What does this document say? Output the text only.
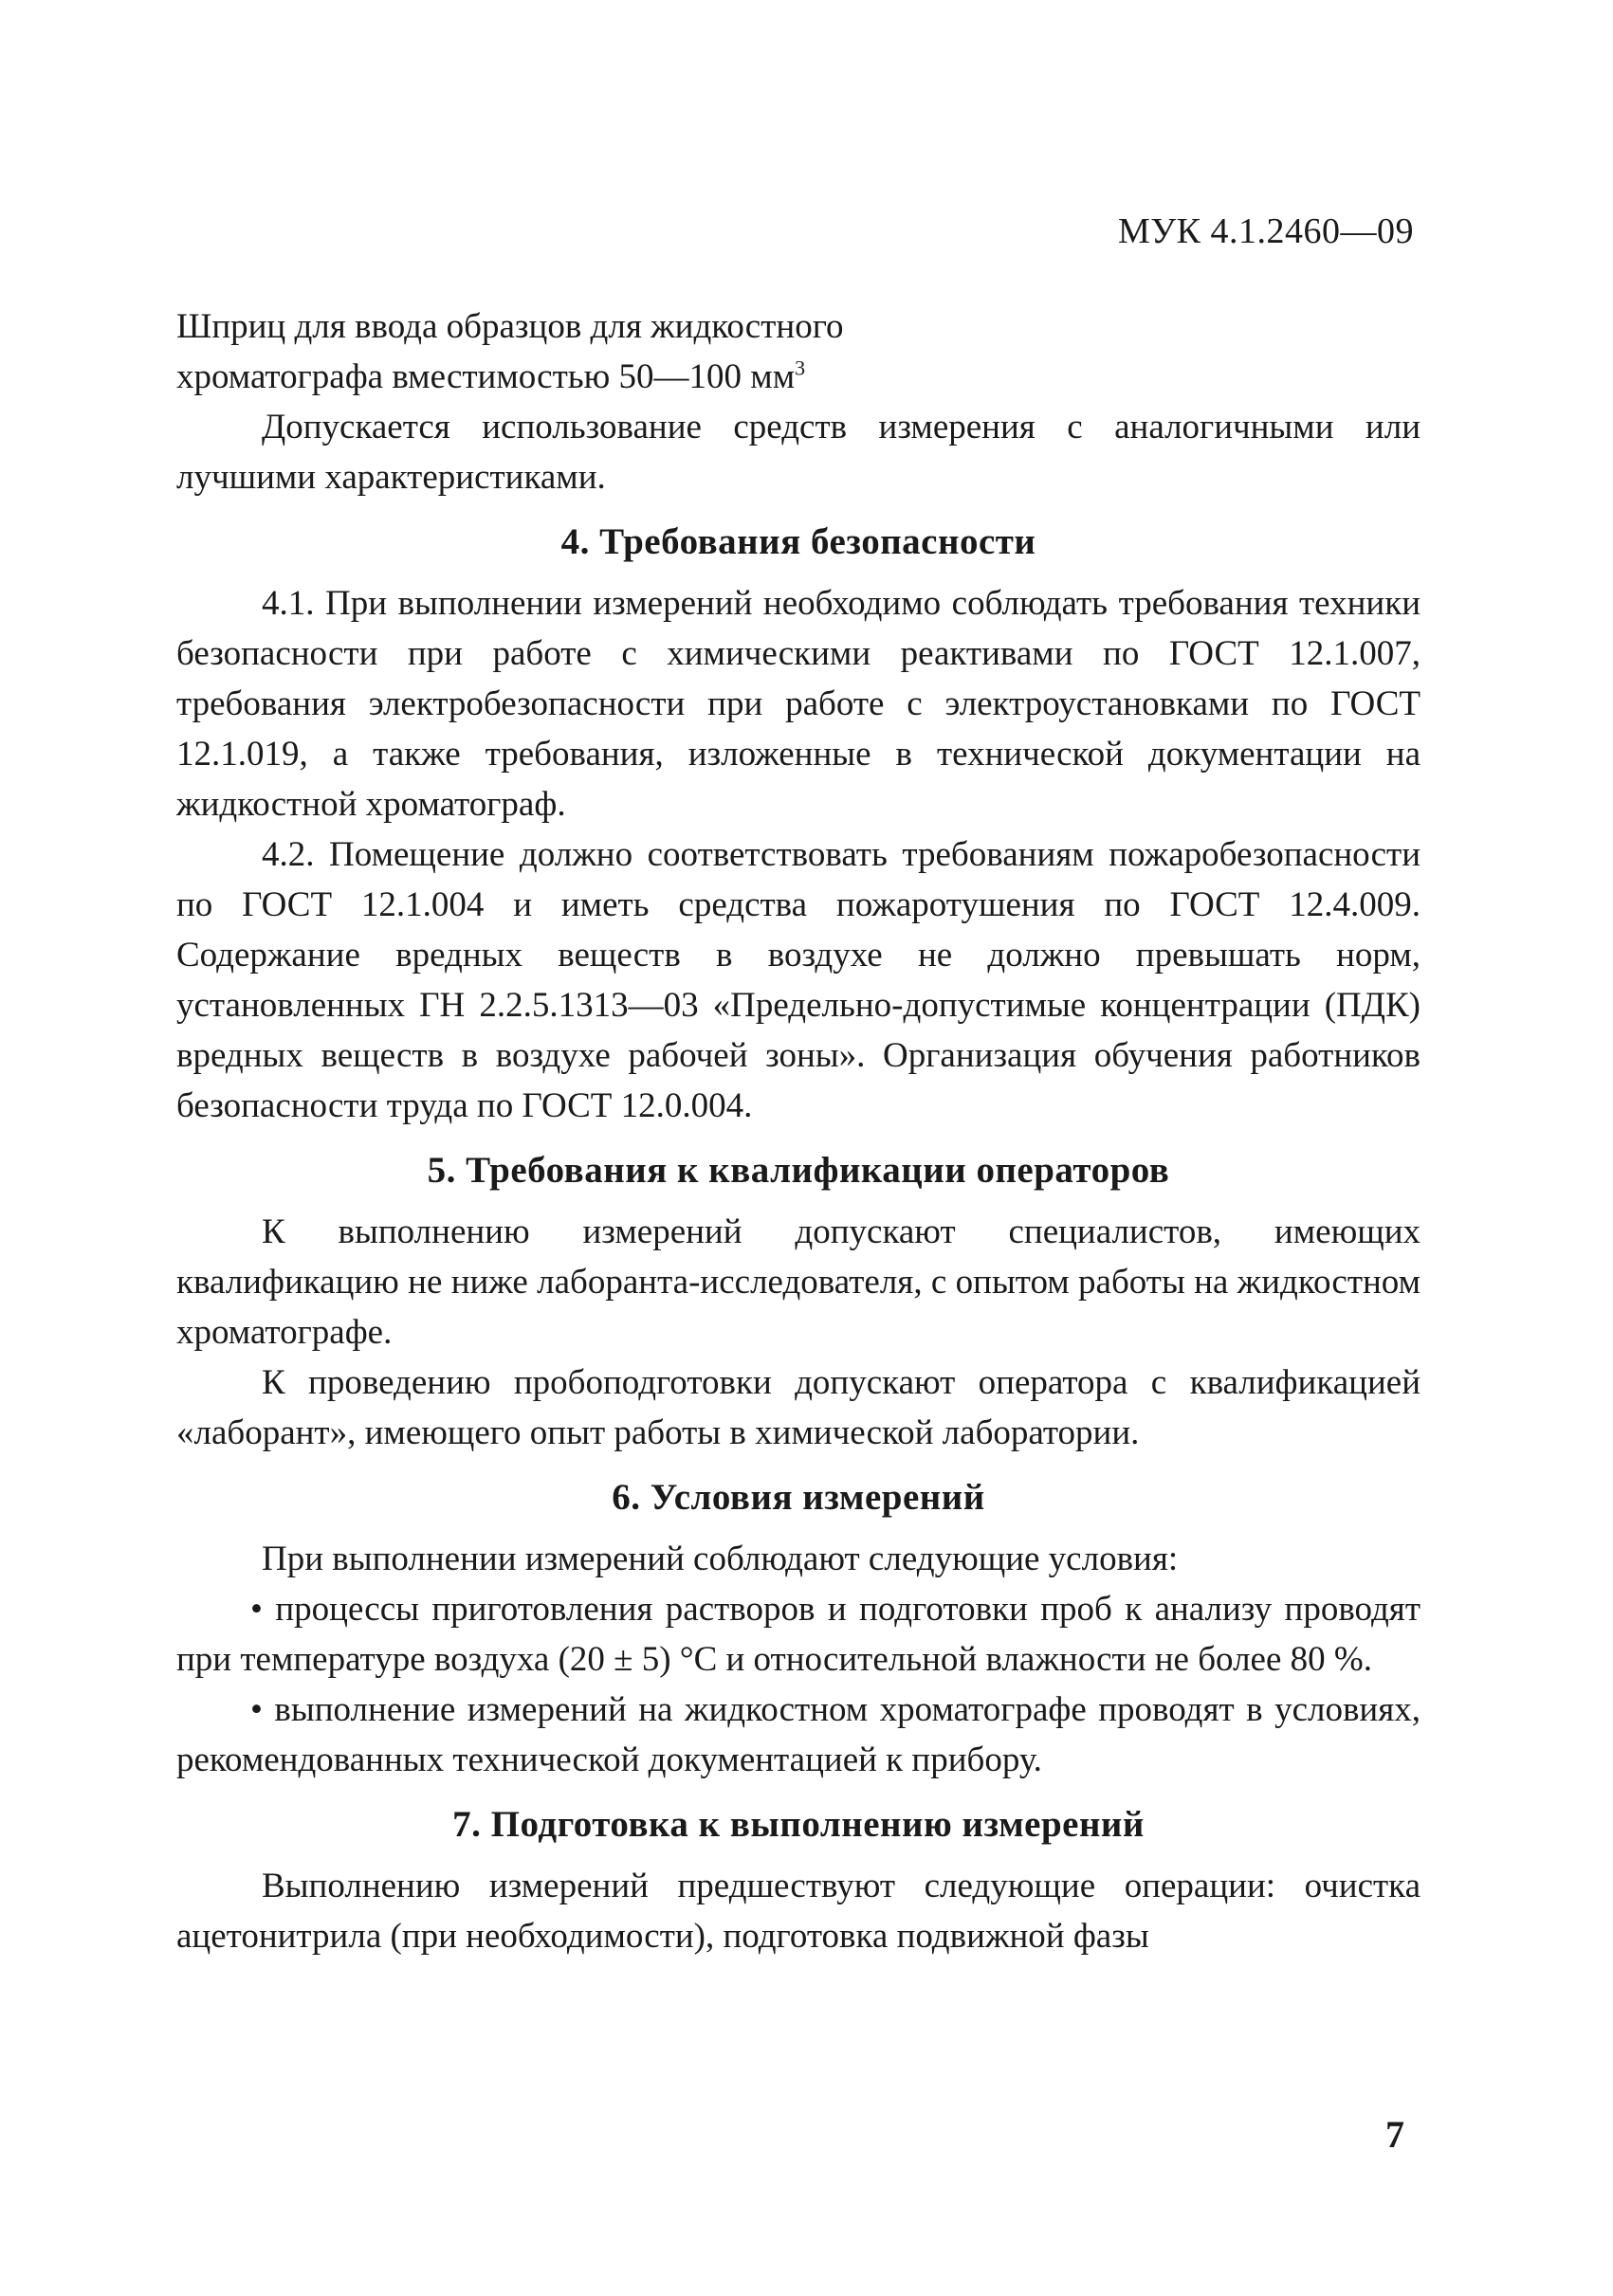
МУК 4.1.2460—09

Шприц для ввода образцов для жидкостного

хроматографа вместимостью 50—100 $мм^3$

Допускается использование средств измерения с аналогичными или лучшими характеристиками.

4. Требования безопасности

4.1. При выполнении измерений необходимо соблюдать требования техники безопасности при работе с химическими реактивами по ГОСТ 12.1.007, требования электробезопасности при работе с электроустановками по ГОСТ 12.1.019, а также требования, изложенные в технической документации на жидкостной хроматограф.

4.2. Помещение должно соответствовать требованиям пожаробезопасности по ГОСТ 12.1.004 и иметь средства пожаротушения по ГОСТ 12.4.009. Содержание вредных веществ в воздухе не должно превышать норм, установленных ГН 2.2.5.1313—03 «Предельно-допустимые концентрации (ПДК) вредных веществ в воздухе рабочей зоны». Организация обучения работников безопасности труда по ГОСТ 12.0.004.

5. Требования к квалификации операторов

К выполнению измерений допускают специалистов, имеющих квалификацию не ниже лаборанта-исследователя, с опытом работы на жидкостном хроматографе.

К проведению пробоподготовки допускают оператора с квалификацией «лаборант», имеющего опыт работы в химической лаборатории.

6. Условия измерений

При выполнении измерений соблюдают следующие условия:

• процессы приготовления растворов и подготовки проб к анализу проводят при температуре воздуха (20 ± 5) °С и относительной влажности не более 80 %.

• выполнение измерений на жидкостном хроматографе проводят в условиях, рекомендованных технической документацией к прибору.

7. Подготовка к выполнению измерений

Выполнению измерений предшествуют следующие операции: очистка ацетонитрила (при необходимости), подготовка подвижной фазы

7
